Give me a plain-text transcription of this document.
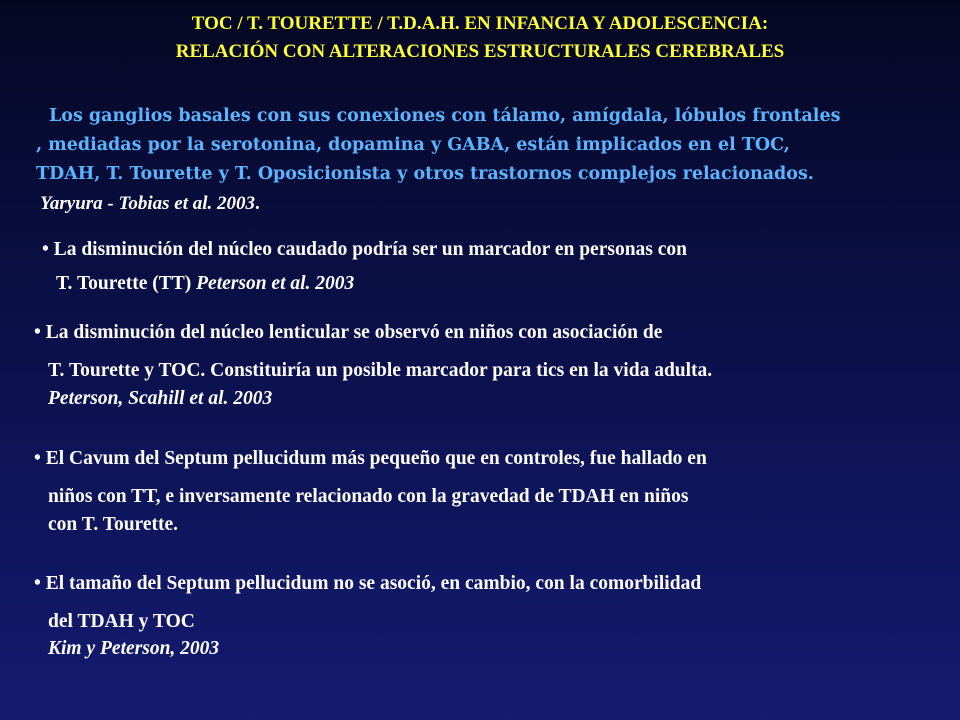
TOC / T. TOURETTE / T.D.A.H. EN INFANCIA Y ADOLESCENCIA:
RELACIÓN CON ALTERACIONES ESTRUCTURALES CEREBRALES
Los ganglios basales con sus conexiones con tálamo, amígdala, lóbulos frontales
, mediadas por la serotonina, dopamina y GABA, están implicados en el TOC,
TDAH, T. Tourette y T. Oposicionista y otros trastornos complejos relacionados.
Yaryura - Tobias et al. 2003.
• La disminución del núcleo caudado podría ser un marcador en personas con
T. Tourette (TT) Peterson et al. 2003
• La disminución del núcleo lenticular se observó en niños con asociación de
T. Tourette y TOC. Constituiría un posible marcador para tics en la vida adulta.
Peterson, Scahill et al. 2003
• El Cavum del Septum pellucidum más pequeño que en controles, fue hallado en
niños con TT, e inversamente relacionado con la gravedad de TDAH en niños
con T. Tourette.
• El tamaño del Septum pellucidum no se asoció, en cambio, con la comorbilidad
del TDAH y TOC
Kim y Peterson, 2003
